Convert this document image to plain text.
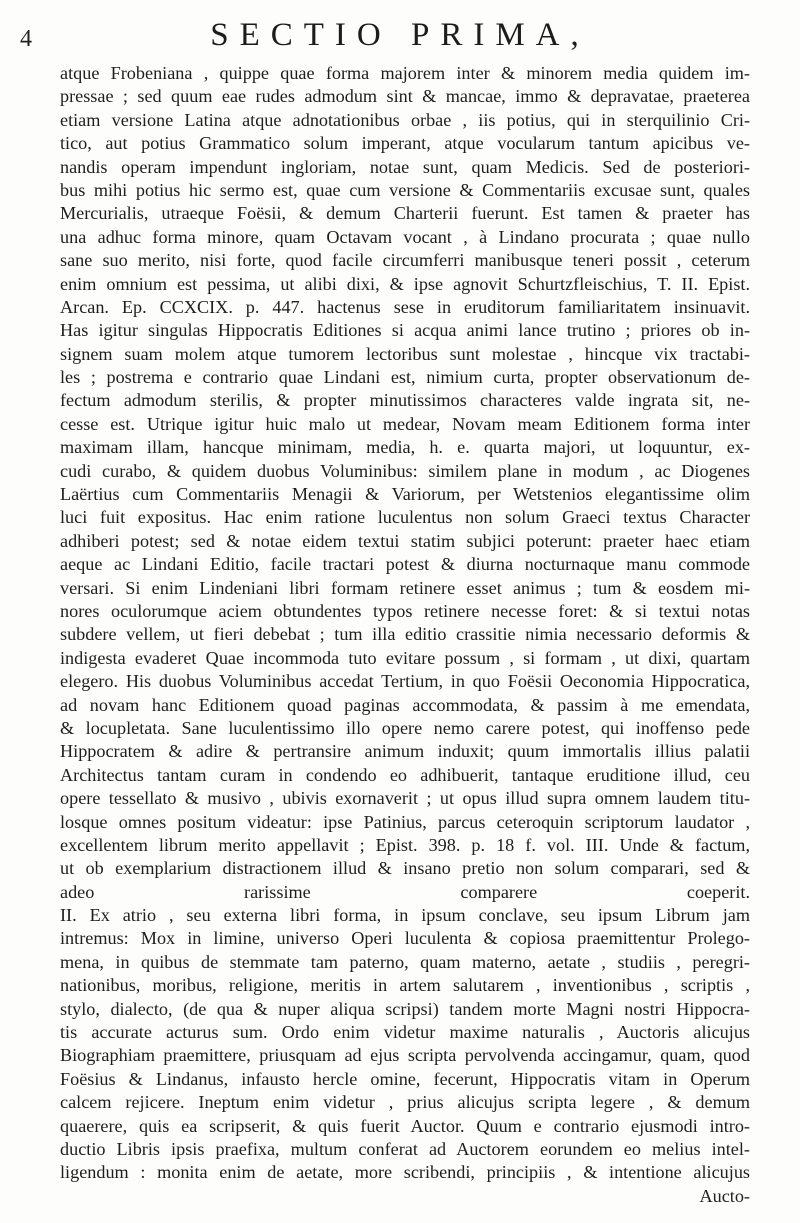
4	SECTIO PRIMA,
atque Frobeniana , quippe quae forma majorem inter & minorem media quidem im-
pressae ; sed quum eae rudes admodum sint & mancae, immo & depravatae, praeterea
etiam versione Latina atque adnotationibus orbae , iis potius, qui in sterquilinio Cri-
tico, aut potius Grammatico solum imperant, atque vocularum tantum apicibus ve-
nandis operam impendunt ingloriam, notae sunt, quam Medicis. Sed de posteriori-
bus mihi potius hic sermo est, quae cum versione & Commentariis excusae sunt, quales
Mercurialis, utraeque Foësii, & demum Charterii fuerunt. Est tamen & praeter has
una adhuc forma minore, quam Octavam vocant , à Lindano procurata ; quae nullo
sane suo merito, nisi forte, quod facile circumferri manibusque teneri possit , ceterum
enim omnium est pessima, ut alibi dixi, & ipse agnovit Schurtzfleischius, T. II. Epist.
Arcan. Ep. CCXCIX. p. 447. hactenus sese in eruditorum familiaritatem insinuavit.
Has igitur singulas Hippocratis Editiones si acqua animi lance trutino ; priores ob in-
signem suam molem atque tumorem lectoribus sunt molestae , hincque vix tractabi-
les ; postrema e contrario quae Lindani est, nimium curta, propter observationum de-
fectum admodum sterilis, & propter minutissimos characteres valde ingrata sit, ne-
cesse est. Utrique igitur huic malo ut medear, Novam meam Editionem forma inter
maximam illam, hancque minimam, media, h. e. quarta majori, ut loquuntur, ex-
cudi curabo, & quidem duobus Voluminibus: similem plane in modum , ac Diogenes
Laërtius cum Commentariis Menagii & Variorum, per Wetstenios elegantissime olim
luci fuit expositus. Hac enim ratione luculentus non solum Graeci textus Character
adhiberi potest; sed & notae eidem textui statim subjici poterunt: praeter haec etiam
aeque ac Lindani Editio, facile tractari potest & diurna nocturnaque manu commode
versari. Si enim Lindeniani libri formam retinere esset animus ; tum & eosdem mi-
nores oculorumque aciem obtundentes typos retinere necesse foret: & si textui notas
subdere vellem, ut fieri debebat ; tum illa editio crassitie nimia necessario deformis &
indigesta evaderet Quae incommoda tuto evitare possum , si formam , ut dixi, quartam
elegero. His duobus Voluminibus accedat Tertium, in quo Foësii Oeconomia Hippocratica,
ad novam hanc Editionem quoad paginas accommodata, & passim à me emendata,
& locupletata. Sane luculentissimo illo opere nemo carere potest, qui inoffenso pede
Hippocratem & adire & pertransire animum induxit; quum immortalis illius palatii
Architectus tantam curam in condendo eo adhibuerit, tantaque eruditione illud, ceu
opere tessellato & musivo , ubivis exornaverit ; ut opus illud supra omnem laudem titu-
losque omnes positum videatur: ipse Patinius, parcus ceteroquin scriptorum laudator ,
excellentem librum merito appellavit ; Epist. 398. p. 18 f. vol. III. Unde & factum,
ut ob exemplarium distractionem illud & insano pretio non solum comparari, sed &
adeo rarissime comparere coeperit.
II. Ex atrio , seu externa libri forma, in ipsum conclave, seu ipsum Librum jam
intremus: Mox in limine, universo Operi luculenta & copiosa praemittentur Prolego-
mena, in quibus de stemmate tam paterno, quam materno, aetate , studiis , peregri-
nationibus, moribus, religione, meritis in artem salutarem , inventionibus , scriptis ,
stylo, dialecto, (de qua & nuper aliqua scripsi) tandem morte Magni nostri Hippocra-
tis accurate acturus sum. Ordo enim videtur maxime naturalis , Auctoris alicujus
Biographiam praemittere, priusquam ad ejus scripta pervolvenda accingamur, quam, quod
Foësius & Lindanus, infausto hercle omine, fecerunt, Hippocratis vitam in Operum
calcem rejicere. Ineptum enim videtur , prius alicujus scripta legere , & demum
quaerere, quis ea scripserit, & quis fuerit Auctor. Quum e contrario ejusmodi intro-
ductio Libris ipsis praefixa, multum conferat ad Auctorem eorundem eo melius intel-
ligendum : monita enim de aetate, more scribendi, principiis , & intentione alicujus
Aucto-
